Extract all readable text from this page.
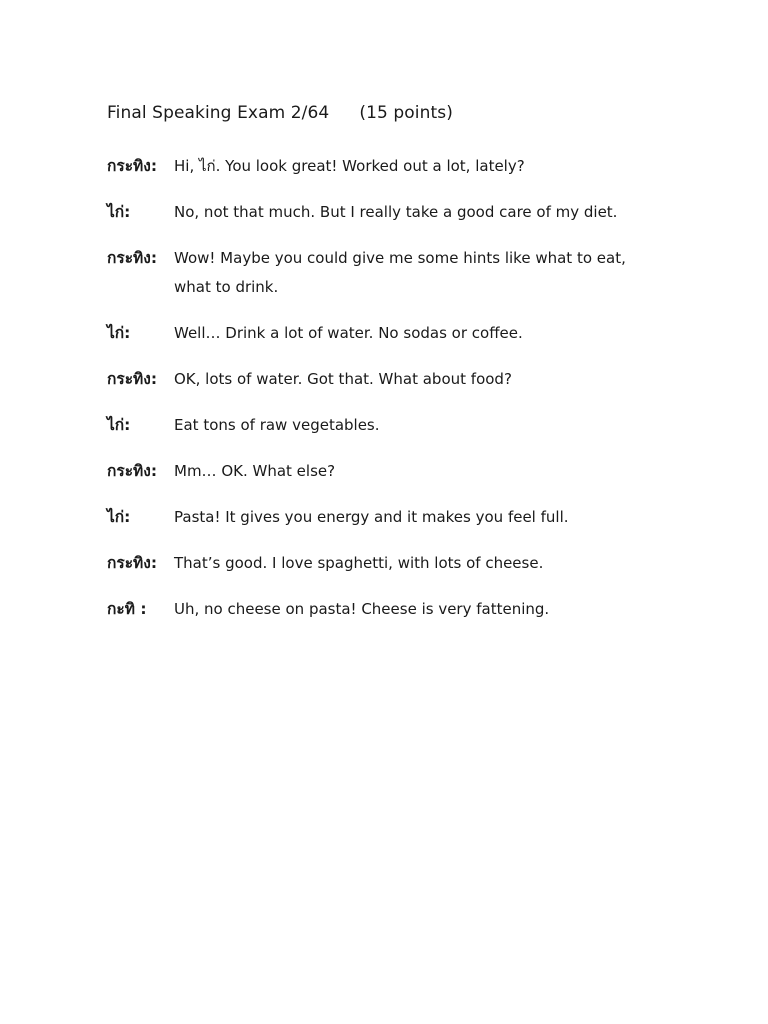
Final Speaking Exam 2/64 (15 points)
กระทิง:	Hi, ไก่. You look great! Worked out a lot, lately?
ไก่:	No, not that much. But I really take a good care of my diet.
กระทิง:	Wow! Maybe you could give me some hints like what to eat, what to drink.
ไก่:	Well… Drink a lot of water. No sodas or coffee.
กระทิง:	OK, lots of water. Got that. What about food?
ไก่:	Eat tons of raw vegetables.
กระทิง:	Mm… OK. What else?
ไก่:	Pasta! It gives you energy and it makes you feel full.
กระทิง:	That’s good. I love spaghetti, with lots of cheese.
กะทิ :	Uh, no cheese on pasta! Cheese is very fattening.
